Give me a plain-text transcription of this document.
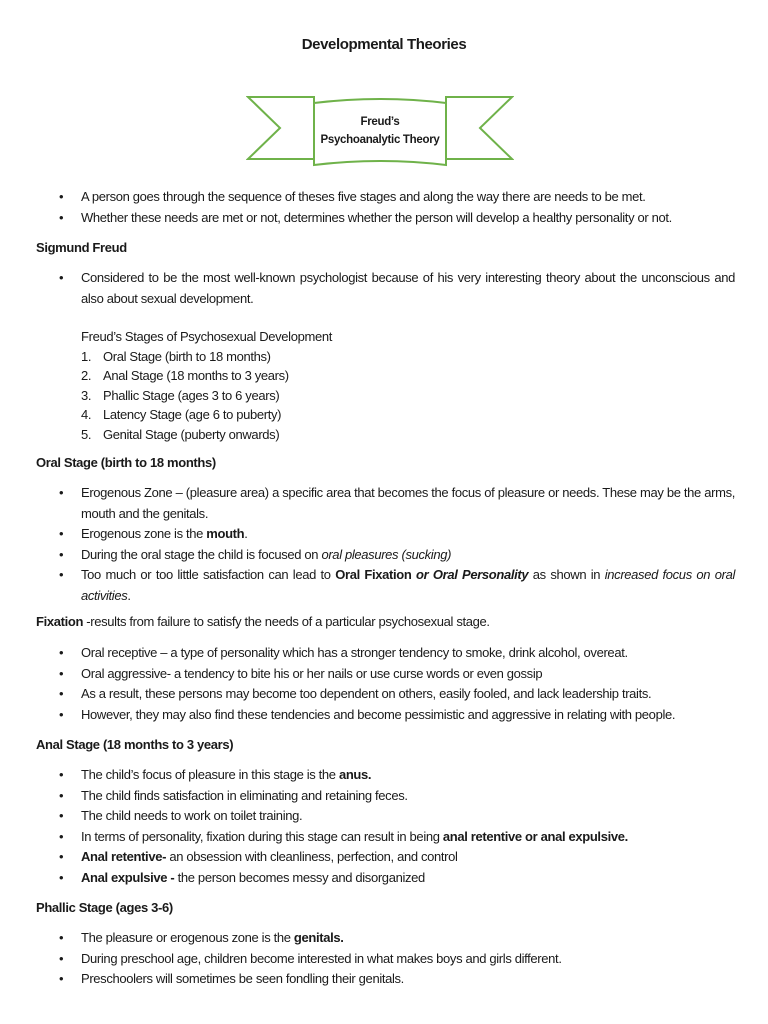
Developmental Theories
Freud’s
Psychoanalytic Theory
• A person goes through the sequence of theses five stages and along the way there are needs to be met.
• Whether these needs are met or not, determines whether the person will develop a healthy personality or not.
Sigmund Freud
• Considered to be the most well-known psychologist because of his very interesting theory about the unconscious and also about sexual development.
Freud’s Stages of Psychosexual Development
1. Oral Stage (birth to 18 months)
2. Anal Stage (18 months to 3 years)
3. Phallic Stage (ages 3 to 6 years)
4. Latency Stage (age 6 to puberty)
5. Genital Stage (puberty onwards)
Oral Stage (birth to 18 months)
• Erogenous Zone – (pleasure area) a specific area that becomes the focus of pleasure or needs. These may be the arms, mouth and the genitals.
• Erogenous zone is the mouth.
• During the oral stage the child is focused on oral pleasures (sucking)
• Too much or too little satisfaction can lead to Oral Fixation or Oral Personality as shown in increased focus on oral activities.
Fixation -results from failure to satisfy the needs of a particular psychosexual stage.
• Oral receptive – a type of personality which has a stronger tendency to smoke, drink alcohol, overeat.
• Oral aggressive- a tendency to bite his or her nails or use curse words or even gossip
• As a result, these persons may become too dependent on others, easily fooled, and lack leadership traits.
• However, they may also find these tendencies and become pessimistic and aggressive in relating with people.
Anal Stage (18 months to 3 years)
• The child’s focus of pleasure in this stage is the anus.
• The child finds satisfaction in eliminating and retaining feces.
• The child needs to work on toilet training.
• In terms of personality, fixation during this stage can result in being anal retentive or anal expulsive.
• Anal retentive- an obsession with cleanliness, perfection, and control
• Anal expulsive - the person becomes messy and disorganized
Phallic Stage (ages 3-6)
• The pleasure or erogenous zone is the genitals.
• During preschool age, children become interested in what makes boys and girls different.
• Preschoolers will sometimes be seen fondling their genitals.
